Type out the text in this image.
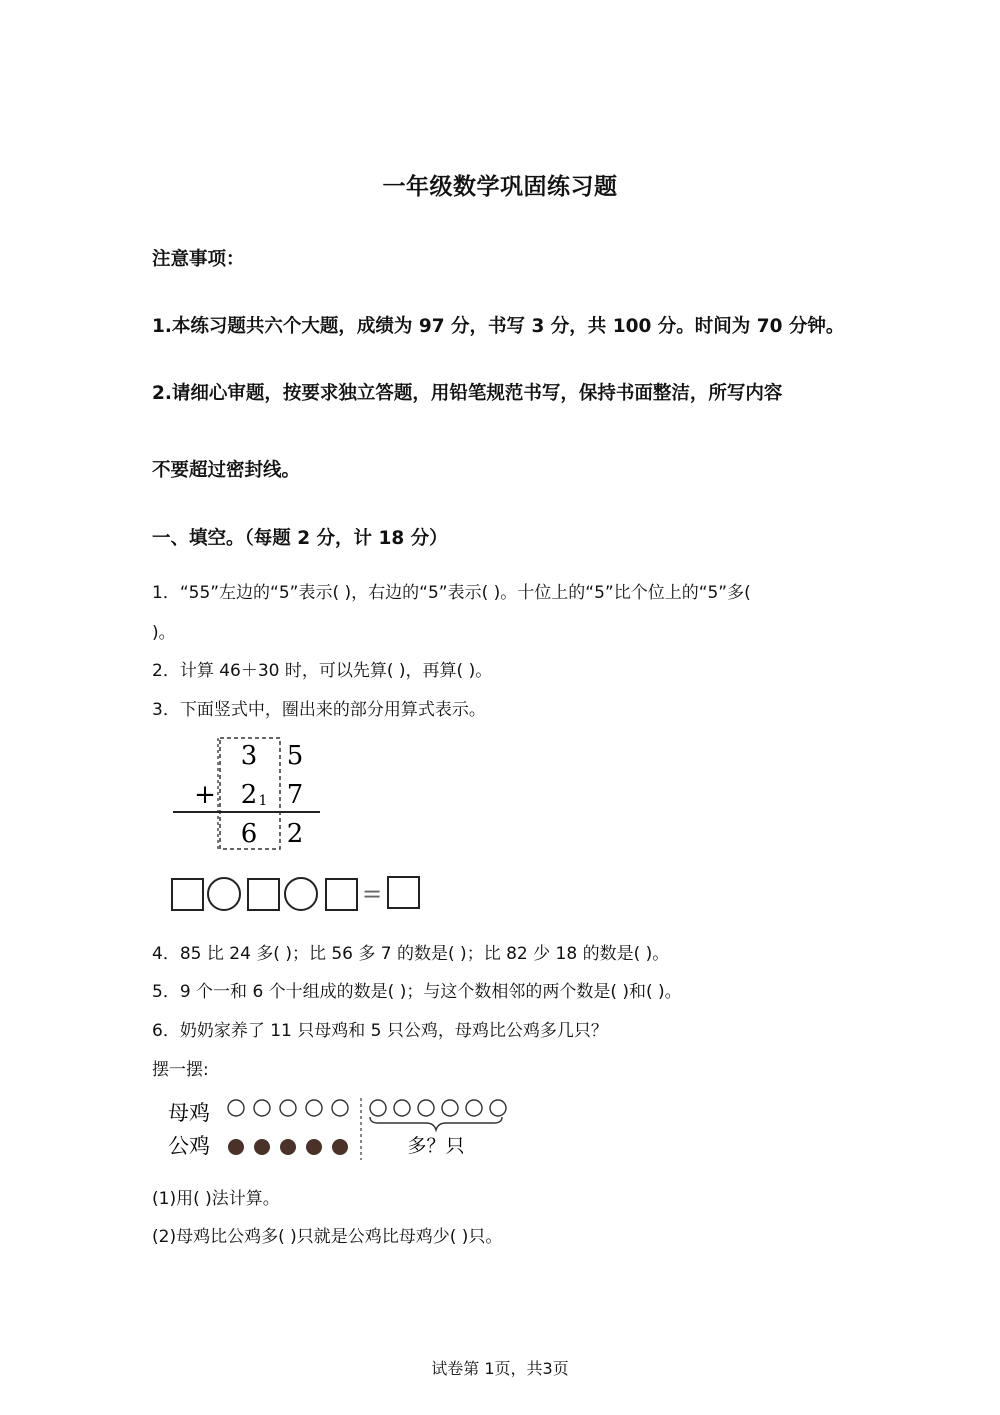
一年级数学巩固练习题
注意事项：
1.本练习题共六个大题，成绩为 97 分，书写 3 分，共 100 分。时间为 70 分钟。
2.请细心审题，按要求独立答题，用铅笔规范书写，保持书面整洁，所写内容
不要超过密封线。
一、填空。（每题 2 分，计 18 分）
1．“55”左边的“5”表示( )，右边的“5”表示( )。十位上的“5”比个位上的“5”多(
)。
2．计算 46＋30 时，可以先算( )，再算( )。
3．下面竖式中，圈出来的部分用算式表示。
3 5
+ 2 1 7
6 2
=
4．85 比 24 多( )；比 56 多 7 的数是( )；比 82 少 18 的数是( )。
5．9 个一和 6 个十组成的数是( )；与这个数相邻的两个数是( )和( )。
6．奶奶家养了 11 只母鸡和 5 只公鸡，母鸡比公鸡多几只？
摆一摆:
母鸡
公鸡	多？只
(1)用( )法计算。
(2)母鸡比公鸡多( )只就是公鸡比母鸡少( )只。
试卷第 1页，共3页
